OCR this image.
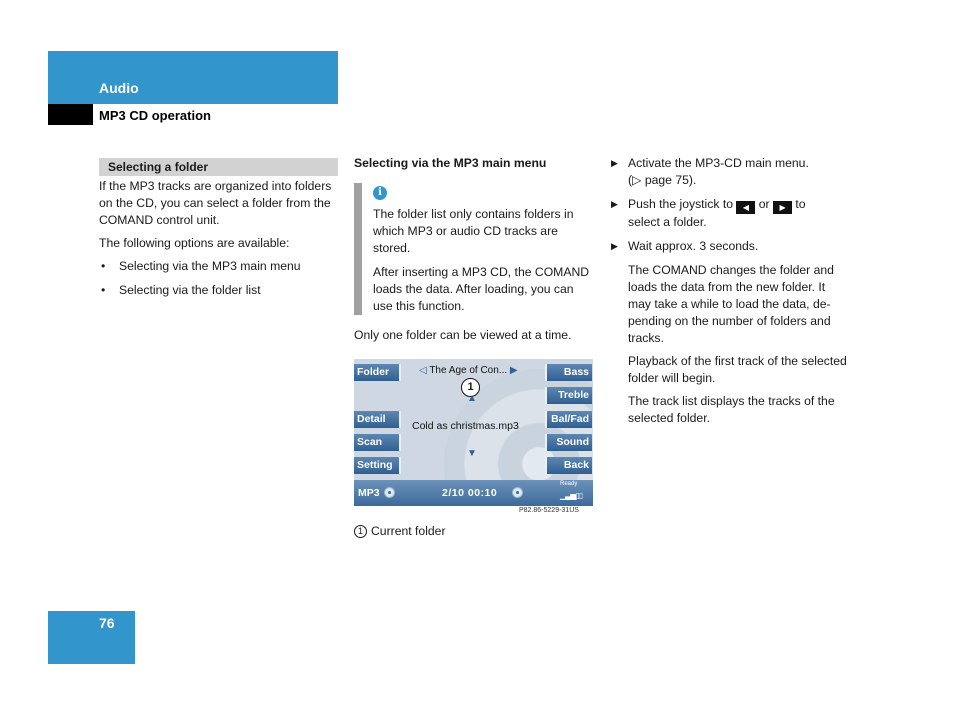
Audio
MP3 CD operation
Selecting a folder

If the MP3 tracks are organized into folders on the CD, you can select a folder from the COMAND control unit.

The following options are available:

• Selecting via the MP3 main menu
• Selecting via the folder list
Selecting via the MP3 main menu
i

The folder list only contains folders in which MP3 or audio CD tracks are stored.

After inserting a MP3 CD, the COMAND loads the data. After loading, you can use this function.

Only one folder can be viewed at a time.

Folder
Detail
Scan
Setting
Bass
Treble
Bal/Fad
Sound
Back
◁ The Age of Con... ▶
1
▲
Cold as christmas.mp3
▼
MP3	2/10 00:10
Ready
▁▃▅▯▯
P82.86-5229-31US
1 Current folder
▶ Activate the MP3-CD main menu.
(▷ page 75).
▶ Push the joystick to ◀ or ▶ to
select a folder.
▶ Wait approx. 3 seconds.

The COMAND changes the folder and loads the data from the new folder. It may take a while to load the data, de-pending on the number of folders and tracks.

Playback of the first track of the selected folder will begin.

The track list displays the tracks of the selected folder.

76
